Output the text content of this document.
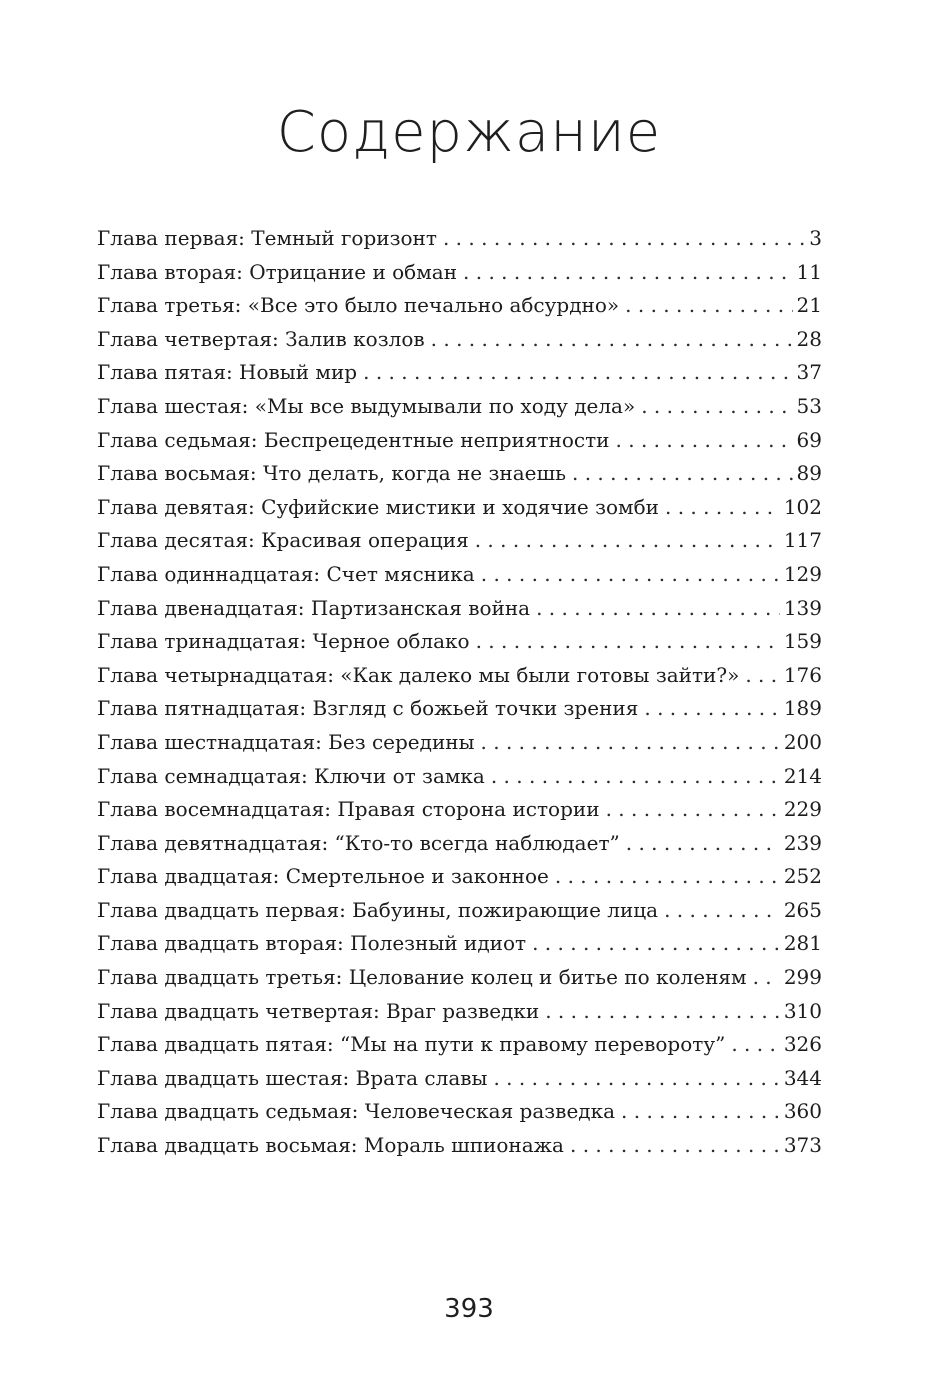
Содержание
Глава первая: Темный горизонт . . .	3
Глава вторая: Отрицание и обман . . .	11
Глава третья: «Все это было печально абсурдно» . . .	21
Глава четвертая: Залив козлов . . .	28
Глава пятая: Новый мир . . .	37
Глава шестая: «Мы все выдумывали по ходу дела» . . .	53
Глава седьмая: Беспрецедентные неприятности . . .	69
Глава восьмая: Что делать, когда не знаешь . . .	89
Глава девятая: Суфийские мистики и ходячие зомби . . .	102
Глава десятая: Красивая операция . . .	117
Глава одиннадцатая: Счет мясника . . .	129
Глава двенадцатая: Партизанская война . . .	139
Глава тринадцатая: Черное облако . . .	159
Глава четырнадцатая: «Как далеко мы были готовы зайти?» . . . 176
Глава пятнадцатая: Взгляд с божьей точки зрения . . .	189
Глава шестнадцатая: Без середины . . .	200
Глава семнадцатая: Ключи от замка . . .	214
Глава восемнадцатая: Правая сторона истории . . .	229
Глава девятнадцатая: “Кто-то всегда наблюдает” . . .	239
Глава двадцатая: Смертельное и законное . . .	252
Глава двадцать первая: Бабуины, пожирающие лица . . .	265
Глава двадцать вторая: Полезный идиот . . .	281
Глава двадцать третья: Целование колец и битье по коленям . . . 299
Глава двадцать четвертая: Враг разведки . . .	310
Глава двадцать пятая: “Мы на пути к правому перевороту” . . .	326
Глава двадцать шестая: Врата славы . . .	344
Глава двадцать седьмая: Человеческая разведка . . .	360
Глава двадцать восьмая: Мораль шпионажа . . .	373
393
